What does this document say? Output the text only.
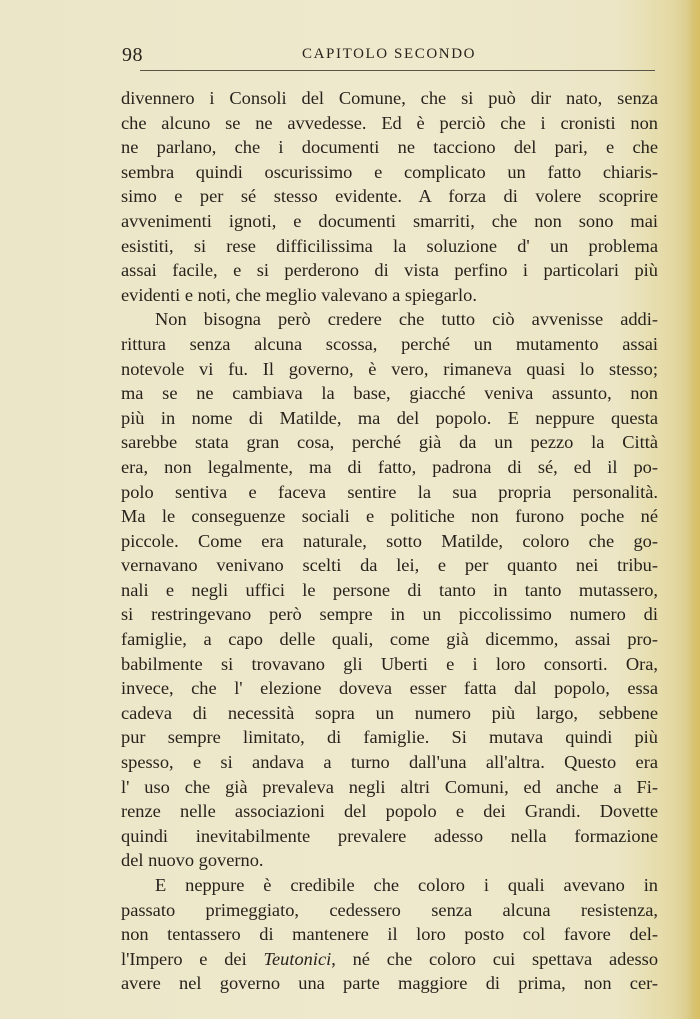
98	CAPITOLO SECONDO
divennero i Consoli del Comune, che si può dir nato, senza
che alcuno se ne avvedesse. Ed è perciò che i cronisti non
ne parlano, che i documenti ne tacciono del pari, e che
sembra quindi oscurissimo e complicato un fatto chiaris-
simo e per sé stesso evidente. A forza di volere scoprire
avvenimenti ignoti, e documenti smarriti, che non sono mai
esistiti, si rese difficilissima la soluzione d' un problema
assai facile, e si perderono di vista perfino i particolari più
evidenti e noti, che meglio valevano a spiegarlo.
Non bisogna però credere che tutto ciò avvenisse addi-
rittura senza alcuna scossa, perché un mutamento assai
notevole vi fu. Il governo, è vero, rimaneva quasi lo stesso;
ma se ne cambiava la base, giacché veniva assunto, non
più in nome di Matilde, ma del popolo. E neppure questa
sarebbe stata gran cosa, perché già da un pezzo la Città
era, non legalmente, ma di fatto, padrona di sé, ed il po-
polo sentiva e faceva sentire la sua propria personalità.
Ma le conseguenze sociali e politiche non furono poche né
piccole. Come era naturale, sotto Matilde, coloro che go-
vernavano venivano scelti da lei, e per quanto nei tribu-
nali e negli uffici le persone di tanto in tanto mutassero,
si restringevano però sempre in un piccolissimo numero di
famiglie, a capo delle quali, come già dicemmo, assai pro-
babilmente si trovavano gli Uberti e i loro consorti. Ora,
invece, che l' elezione doveva esser fatta dal popolo, essa
cadeva di necessità sopra un numero più largo, sebbene
pur sempre limitato, di famiglie. Si mutava quindi più
spesso, e si andava a turno dall'una all'altra. Questo era
l' uso che già prevaleva negli altri Comuni, ed anche a Fi-
renze nelle associazioni del popolo e dei Grandi. Dovette
quindi inevitabilmente prevalere adesso nella formazione
del nuovo governo.
E neppure è credibile che coloro i quali avevano in
passato primeggiato, cedessero senza alcuna resistenza,
non tentassero di mantenere il loro posto col favore del-
l'Impero e dei Teutonici, né che coloro cui spettava adesso
avere nel governo una parte maggiore di prima, non cer-
